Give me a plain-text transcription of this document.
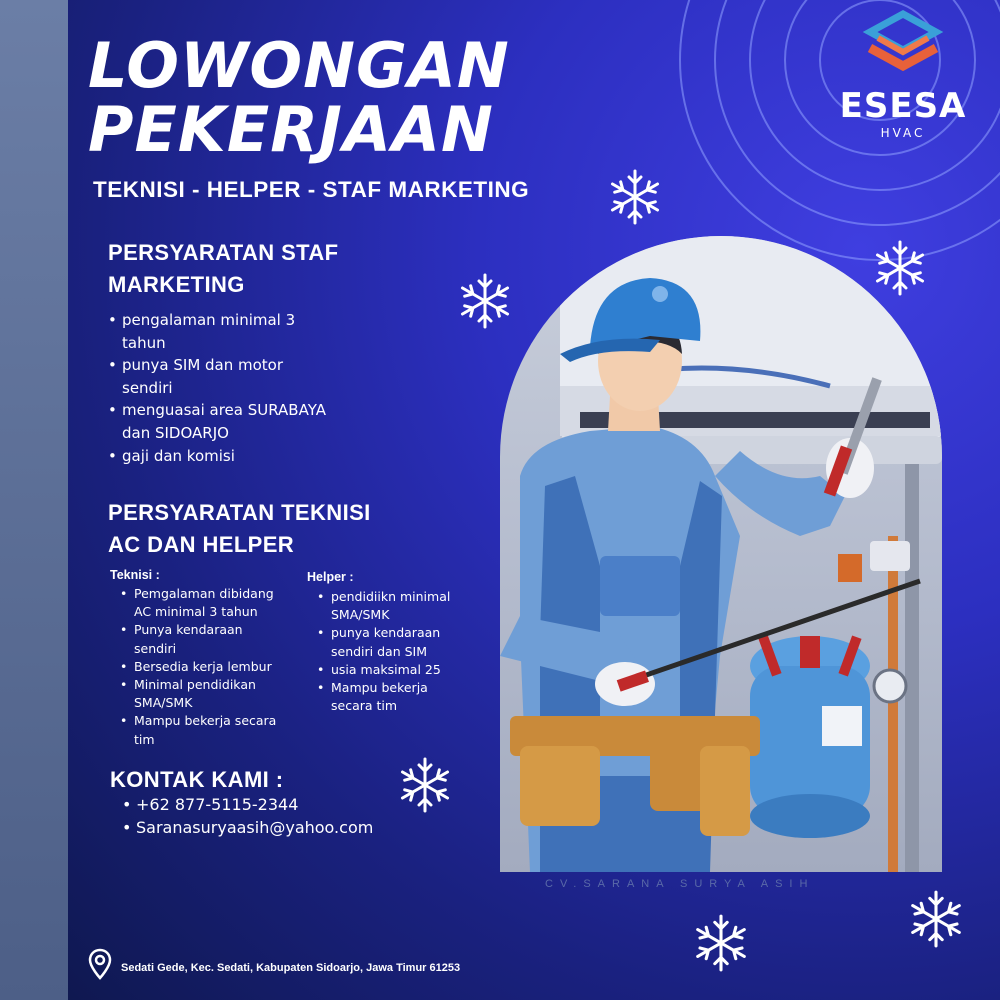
ESESA
HVAC
LOWONGAN
PEKERJAAN
TEKNISI - HELPER - STAF MARKETING
PERSYARATAN STAF
MARKETING
• pengalaman minimal 3
tahun
• punya SIM dan motor
sendiri
• menguasai area SURABAYA
dan SIDOARJO
• gaji dan komisi
PERSYARATAN TEKNISI
AC DAN HELPER
Teknisi :
• Pemgalaman dibidang
AC minimal 3 tahun
• Punya kendaraan
sendiri
• Bersedia kerja lembur
• Minimal pendidikan
SMA/SMK
• Mampu bekerja secara
tim
Helper :
• pendidiikn minimal
SMA/SMK
• punya kendaraan
sendiri dan SIM
• usia maksimal 25
• Mampu bekerja
secara tim
KONTAK KAMI :
• +62 877-5115-2344
• Saranasuryaasih@yahoo.com
CV.SARANA SURYA ASIH
Sedati Gede, Kec. Sedati, Kabupaten Sidoarjo, Jawa Timur 61253
